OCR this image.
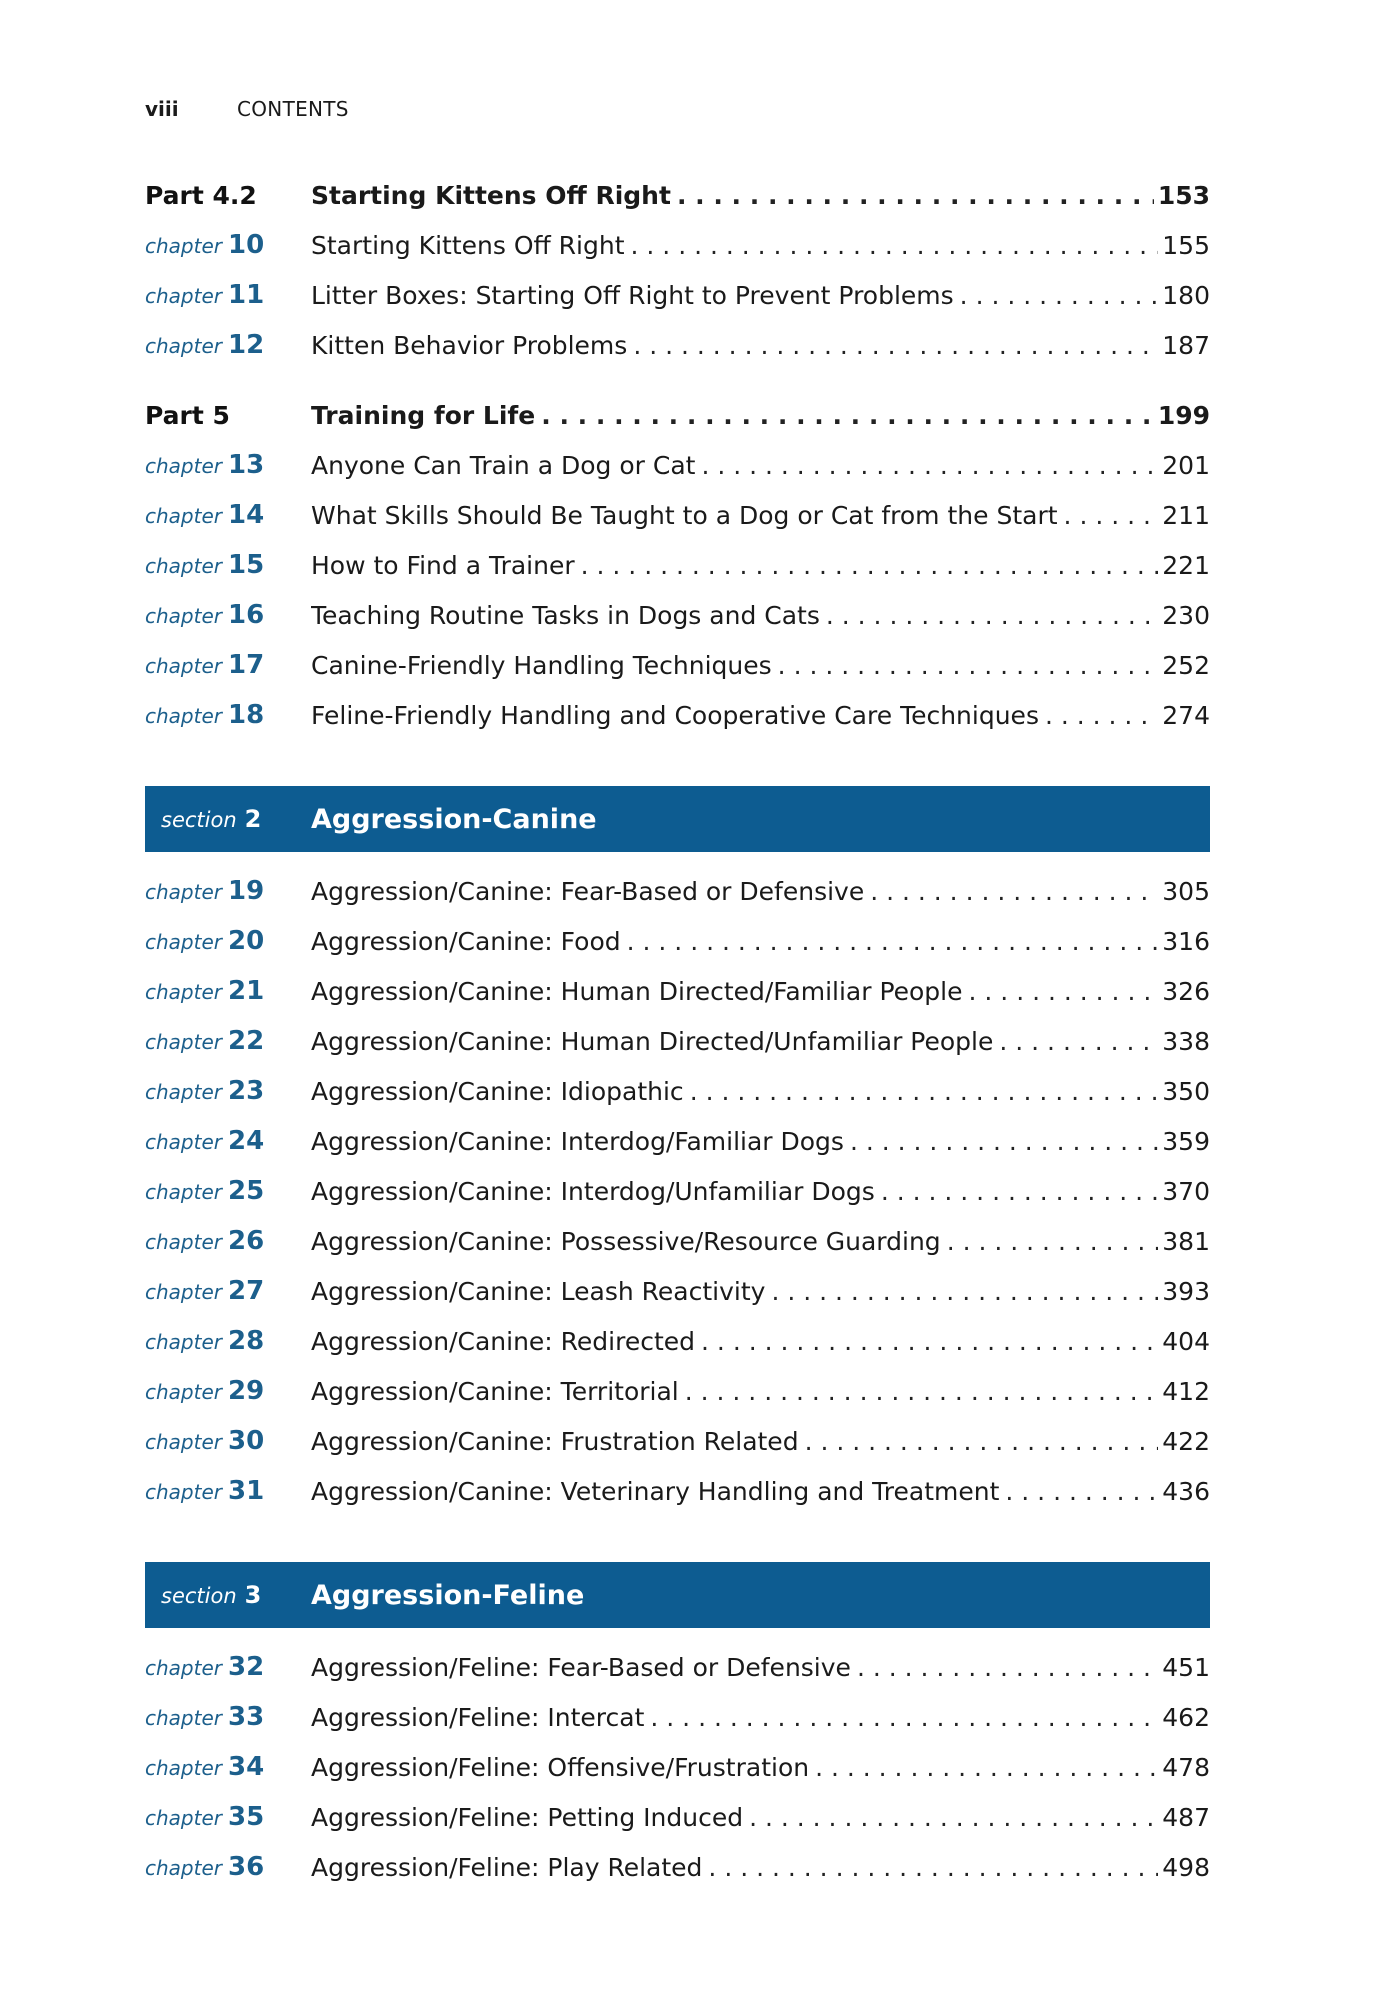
viii	CONTENTS
Part 4.2	Starting Kittens Off Right . . .	153
chapter 10 Starting Kittens Off Right . . .	155
chapter 11 Litter Boxes: Starting Off Right to Prevent Problems . . .	180
chapter 12 Kitten Behavior Problems . . .	187
Part 5	Training for Life . . .	199
chapter 13 Anyone Can Train a Dog or Cat . . .	201
chapter 14 What Skills Should Be Taught to a Dog or Cat from the Start . . .	211
chapter 15 How to Find a Trainer . . .	221
chapter 16 Teaching Routine Tasks in Dogs and Cats . . .	230
chapter 17 Canine-Friendly Handling Techniques . . .	252
chapter 18 Feline-Friendly Handling and Cooperative Care Techniques . . .	274
section 2 Aggression-Canine
chapter 19 Aggression/Canine: Fear-Based or Defensive . . .	305
chapter 20 Aggression/Canine: Food . . .	316
chapter 21 Aggression/Canine: Human Directed/Familiar People . . .	326
chapter 22 Aggression/Canine: Human Directed/Unfamiliar People . . .	338
chapter 23 Aggression/Canine: Idiopathic . . .	350
chapter 24 Aggression/Canine: Interdog/Familiar Dogs . . .	359
chapter 25 Aggression/Canine: Interdog/Unfamiliar Dogs . . .	370
chapter 26 Aggression/Canine: Possessive/Resource Guarding . . .	381
chapter 27 Aggression/Canine: Leash Reactivity . . .	393
chapter 28 Aggression/Canine: Redirected . . .	404
chapter 29 Aggression/Canine: Territorial . . .	412
chapter 30 Aggression/Canine: Frustration Related . . .	422
chapter 31 Aggression/Canine: Veterinary Handling and Treatment . . .	436
section 3 Aggression-Feline
chapter 32 Aggression/Feline: Fear-Based or Defensive . . .	451
chapter 33 Aggression/Feline: Intercat . . .	462
chapter 34 Aggression/Feline: Offensive/Frustration . . .	478
chapter 35 Aggression/Feline: Petting Induced . . .	487
chapter 36 Aggression/Feline: Play Related . . .	498
